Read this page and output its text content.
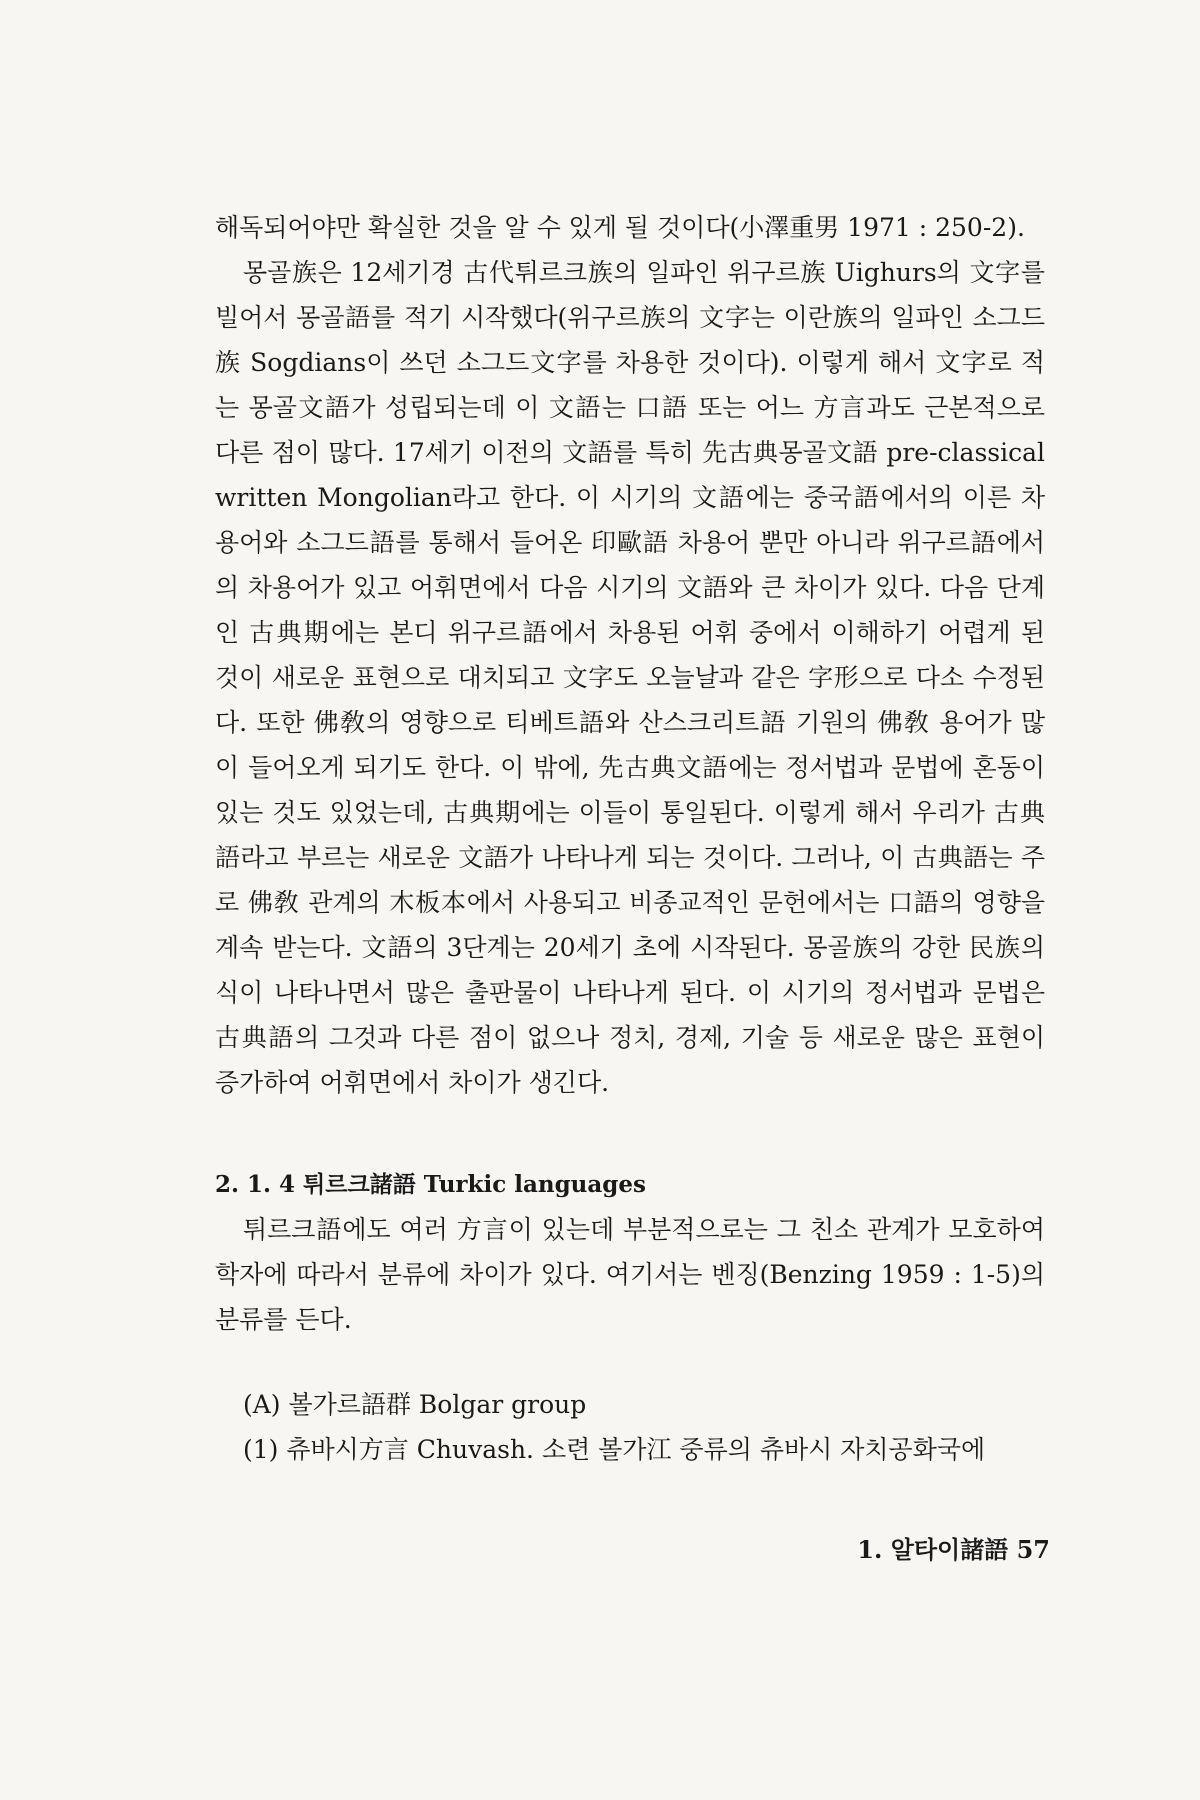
해독되어야만 확실한 것을 알 수 있게 될 것이다(小澤重男 1971 : 250-2).

몽골族은 12세기경 古代튀르크族의 일파인 위구르族 Uighurs의 文字를 빌어서 몽골語를 적기 시작했다(위구르族의 文字는 이란族의 일파인 소그드族 Sogdians이 쓰던 소그드文字를 차용한 것이다). 이렇게 해서 文字로 적는 몽골文語가 성립되는데 이 文語는 口語 또는 어느 方言과도 근본적으로 다른 점이 많다. 17세기 이전의 文語를 특히 先古典몽골文語 pre-classical written Mongolian라고 한다. 이 시기의 文語에는 중국語에서의 이른 차용어와 소그드語를 통해서 들어온 印歐語 차용어 뿐만 아니라 위구르語에서의 차용어가 있고 어휘면에서 다음 시기의 文語와 큰 차이가 있다. 다음 단계인 古典期에는 본디 위구르語에서 차용된 어휘 중에서 이해하기 어렵게 된 것이 새로운 표현으로 대치되고 文字도 오늘날과 같은 字形으로 다소 수정된다. 또한 佛敎의 영향으로 티베트語와 산스크리트語 기원의 佛敎 용어가 많이 들어오게 되기도 한다. 이 밖에, 先古典文語에는 정서법과 문법에 혼동이 있는 것도 있었는데, 古典期에는 이들이 통일된다. 이렇게 해서 우리가 古典語라고 부르는 새로운 文語가 나타나게 되는 것이다. 그러나, 이 古典語는 주로 佛敎 관계의 木板本에서 사용되고 비종교적인 문헌에서는 口語의 영향을 계속 받는다. 文語의 3단계는 20세기 초에 시작된다. 몽골族의 강한 民族의식이 나타나면서 많은 출판물이 나타나게 된다. 이 시기의 정서법과 문법은 古典語의 그것과 다른 점이 없으나 정치, 경제, 기술 등 새로운 많은 표현이 증가하여 어휘면에서 차이가 생긴다.

2. 1. 4 튀르크諸語 Turkic languages

튀르크語에도 여러 方言이 있는데 부분적으로는 그 친소 관계가 모호하여 학자에 따라서 분류에 차이가 있다. 여기서는 벤징(Benzing 1959 : 1-5)의 분류를 든다.

(A) 볼가르語群 Bolgar group

(1) 츄바시方言 Chuvash. 소련 볼가江 중류의 츄바시 자치공화국에

1. 알타이諸語 57
